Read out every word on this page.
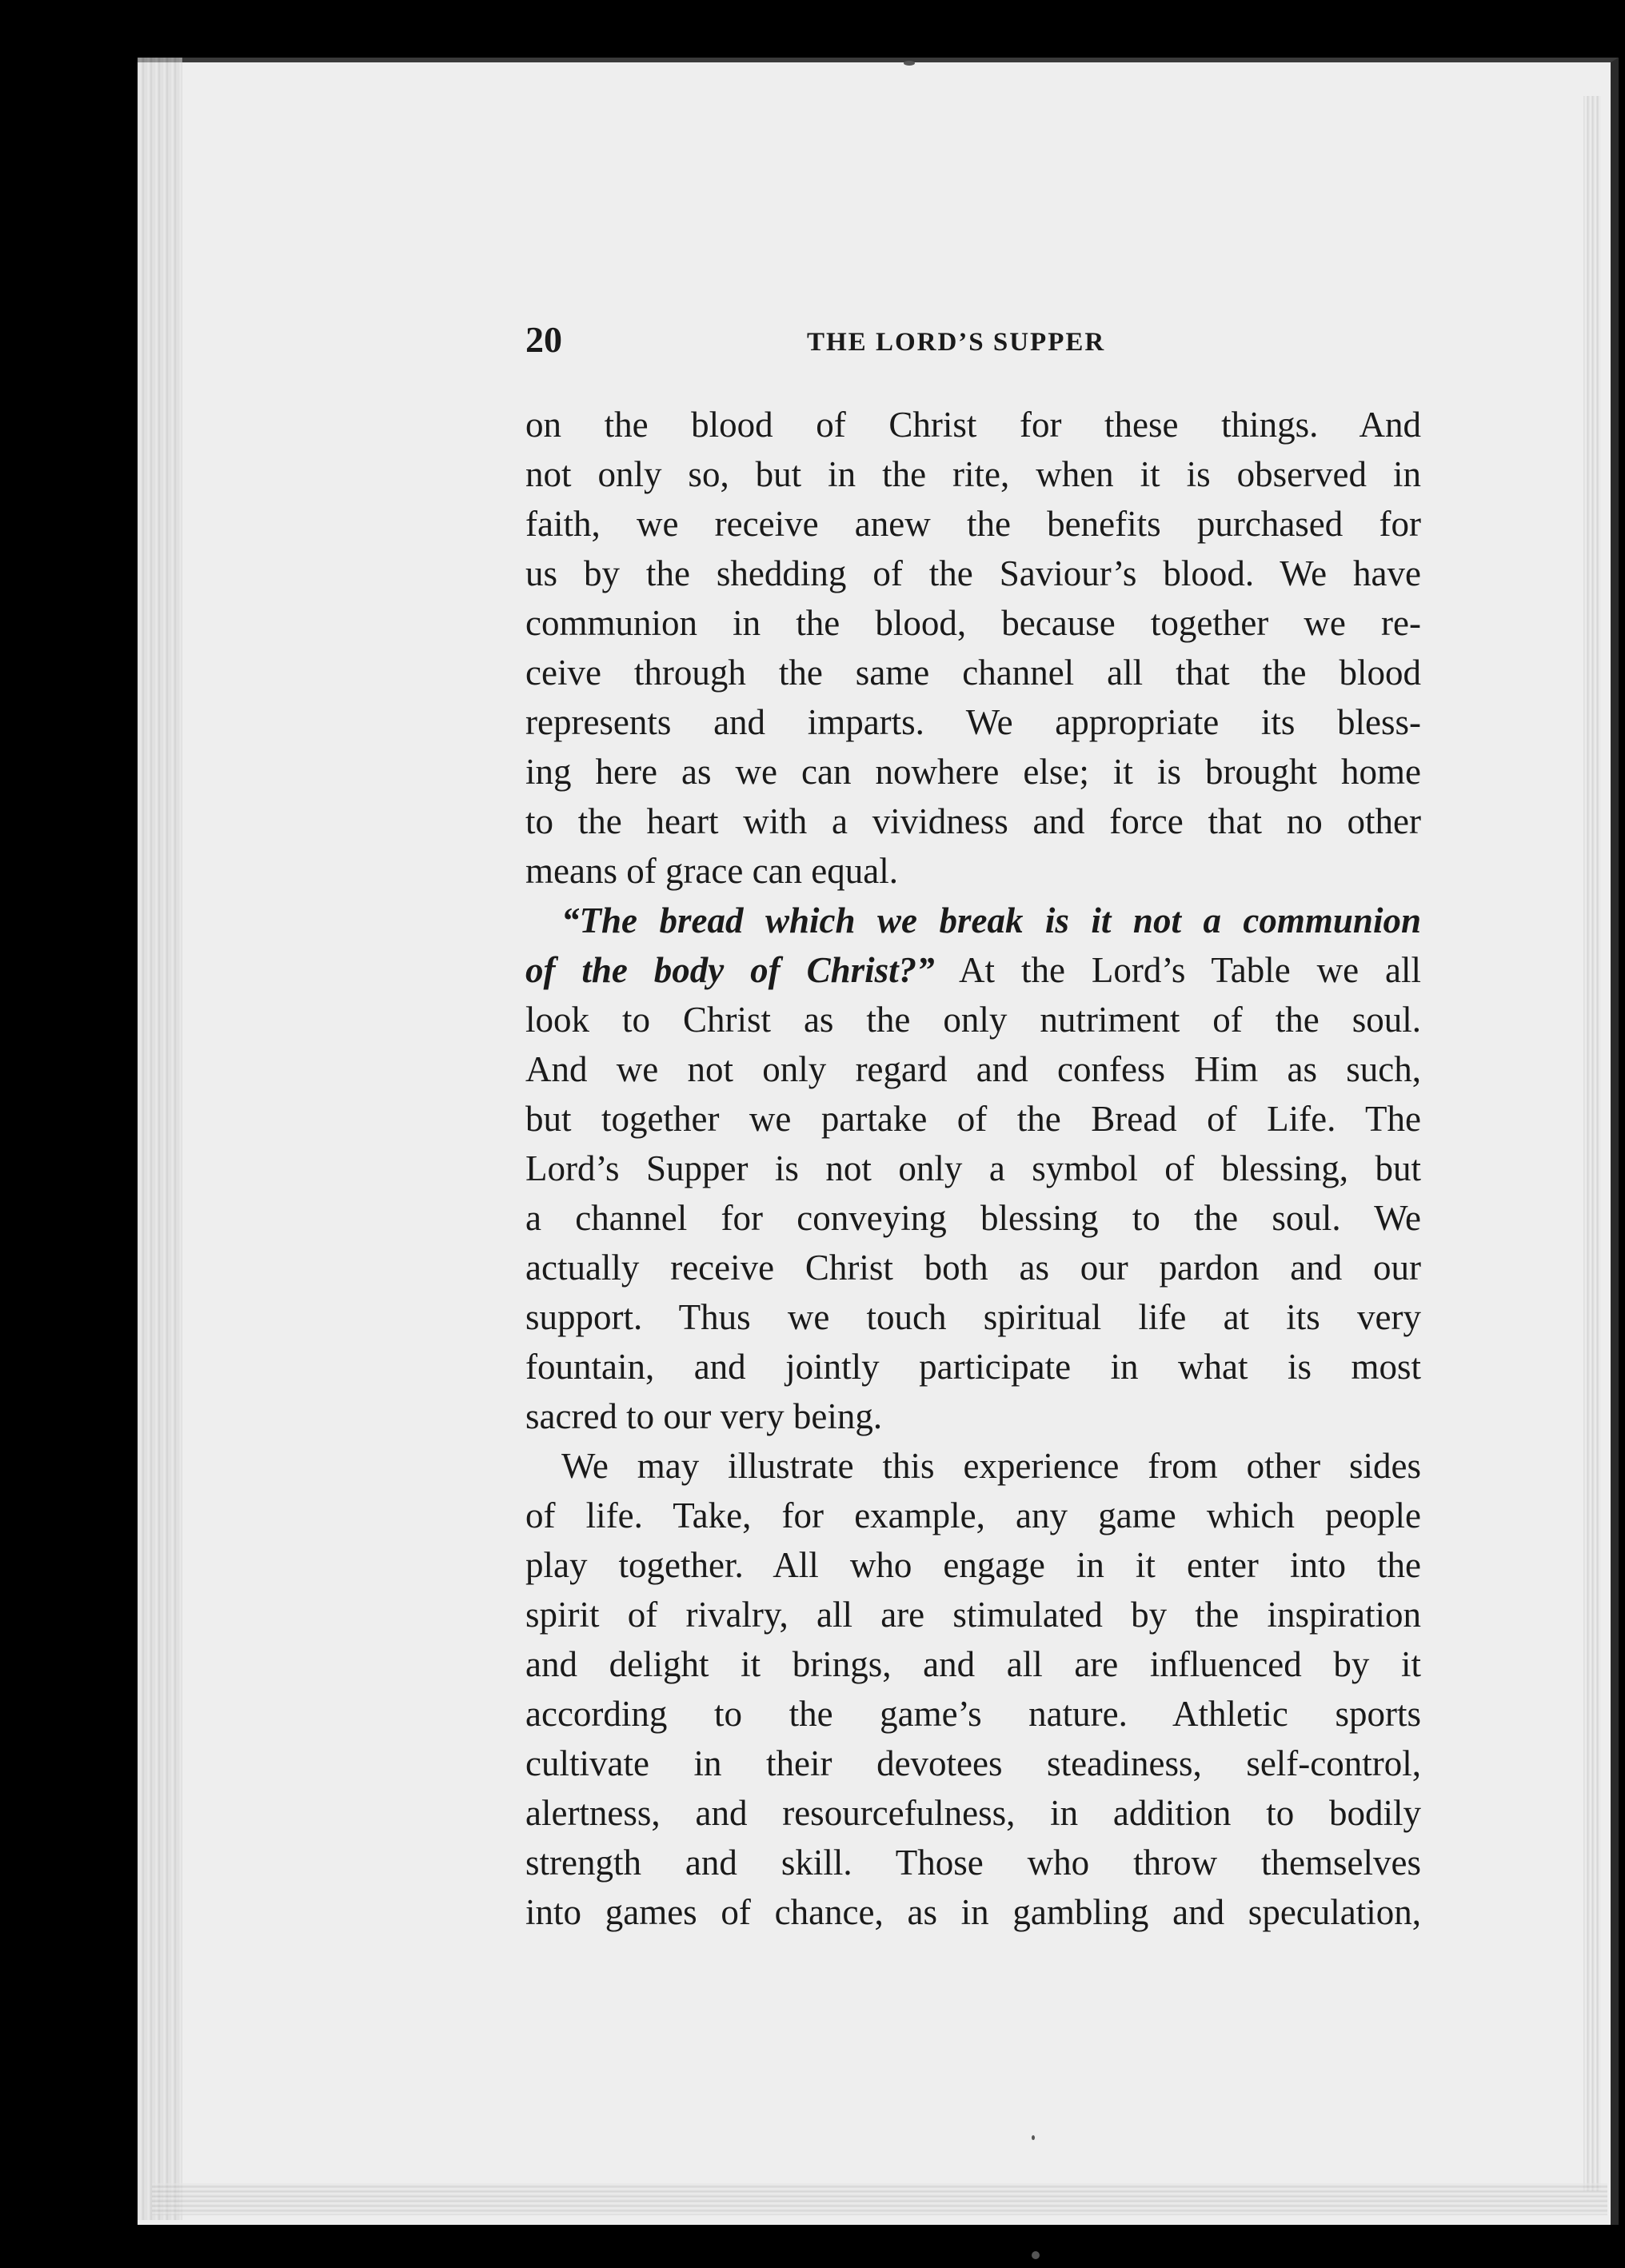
20	THE LORD’S SUPPER
on the blood of Christ for these things. And
not only so, but in the rite, when it is observed in
faith, we receive anew the benefits purchased for
us by the shedding of the Saviour’s blood. We have
communion in the blood, because together we re-
ceive through the same channel all that the blood
represents and imparts. We appropriate its bless-
ing here as we can nowhere else; it is brought home
to the heart with a vividness and force that no other
means of grace can equal.
“The bread which we break is it not a communion
of the body of Christ?” At the Lord’s Table we all
look to Christ as the only nutriment of the soul.
And we not only regard and confess Him as such,
but together we partake of the Bread of Life. The
Lord’s Supper is not only a symbol of blessing, but
a channel for conveying blessing to the soul. We
actually receive Christ both as our pardon and our
support. Thus we touch spiritual life at its very
fountain, and jointly participate in what is most
sacred to our very being.
We may illustrate this experience from other sides
of life. Take, for example, any game which people
play together. All who engage in it enter into the
spirit of rivalry, all are stimulated by the inspiration
and delight it brings, and all are influenced by it
according to the game’s nature. Athletic sports
cultivate in their devotees steadiness, self-control,
alertness, and resourcefulness, in addition to bodily
strength and skill. Those who throw themselves
into games of chance, as in gambling and speculation,
